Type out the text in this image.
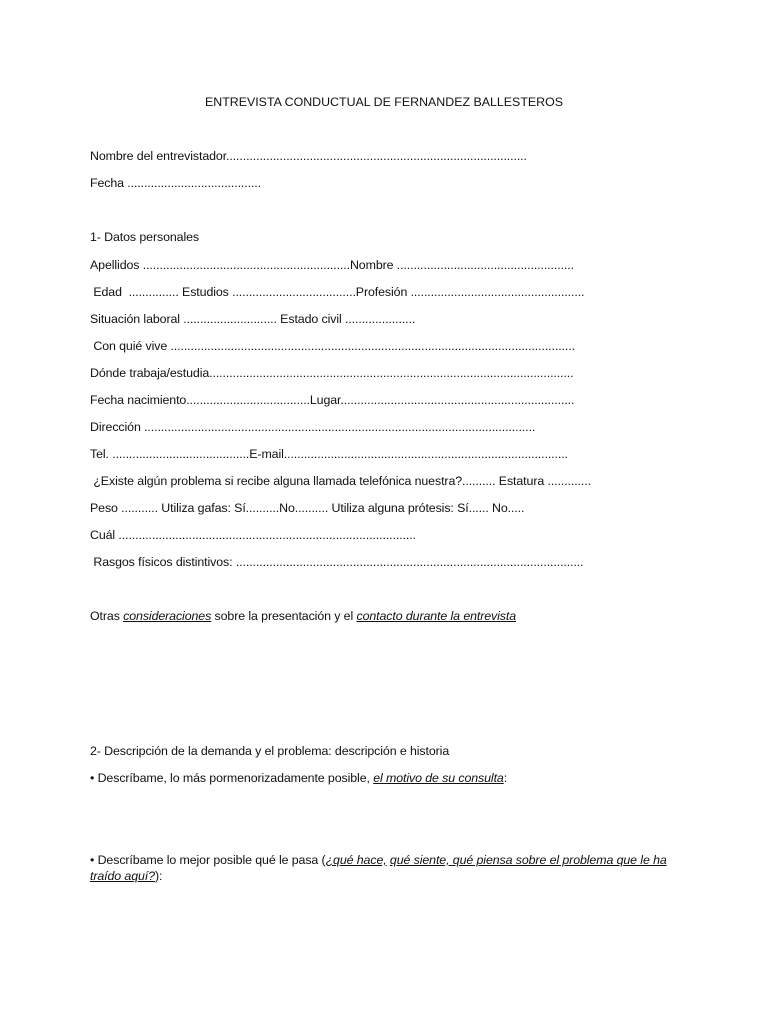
ENTREVISTA CONDUCTUAL DE FERNANDEZ BALLESTEROS
Nombre del entrevistador..........................................................................................
Fecha ........................................
1- Datos personales
Apellidos ..............................................................Nombre .....................................................
Edad  ............... Estudios .....................................Profesión ....................................................
Situación laboral ............................ Estado civil .....................
Con quié vive .........................................................................................................................
Dónde trabaja/estudia.............................................................................................................
Fecha nacimiento.....................................Lugar......................................................................
Dirección .....................................................................................................................
Tel. .........................................E-mail.....................................................................................
¿Existe algún problema si recibe alguna llamada telefónica nuestra?.......... Estatura .............
Peso ........... Utiliza gafas: Sí..........No.......... Utiliza alguna prótesis: Sí...... No.....
Cuál .........................................................................................
Rasgos físicos distintivos: ........................................................................................................
Otras consideraciones sobre la presentación y el contacto durante la entrevista
2- Descripción de la demanda y el problema: descripción e historia
• Descríbame, lo más pormenorizadamente posible, el motivo de su consulta:
• Descríbame lo mejor posible qué le pasa (¿qué hace, qué siente, qué piensa sobre el problema que le ha traído aquí?):
